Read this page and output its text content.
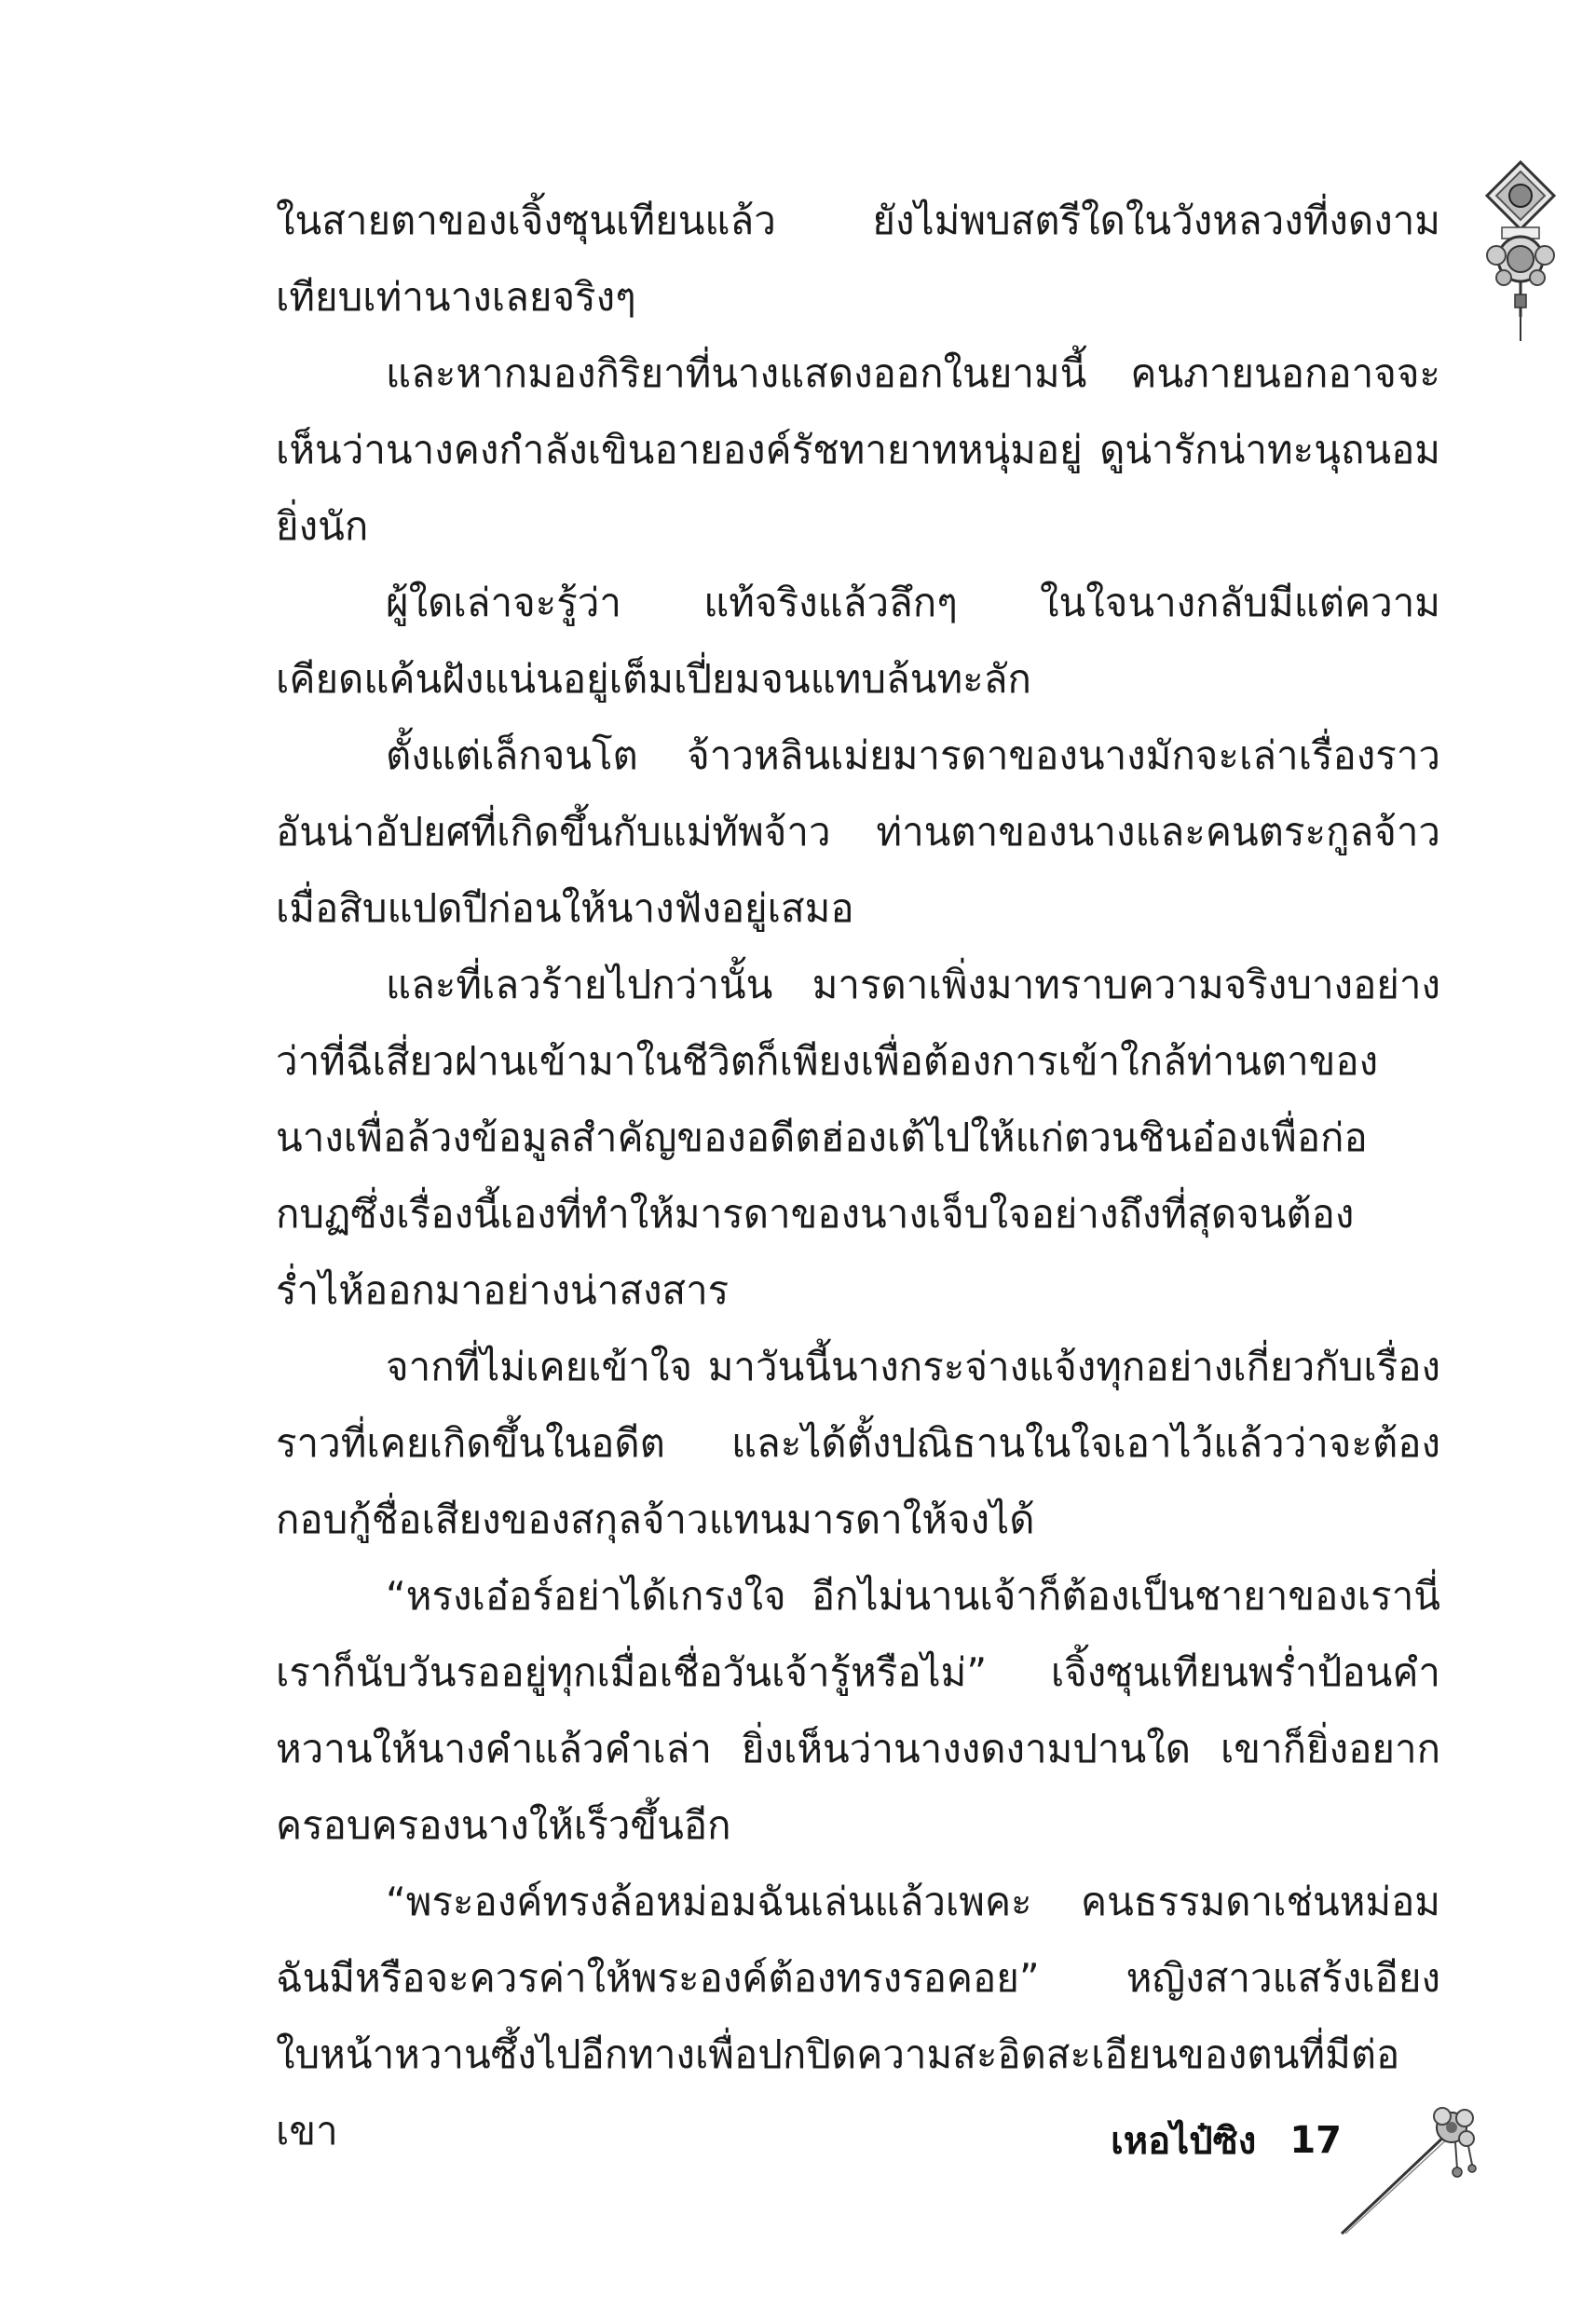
ในสายตาของเจิ้งซุนเทียนแล้ว ยังไม่พบสตรีใดในวังหลวงที่งดงามเทียบเท่านางเลยจริงๆ

และหากมองกิริยาที่นางแสดงออกในยามนี้ คนภายนอกอาจจะเห็นว่านางคงกำลังเขินอายองค์รัชทายาทหนุ่มอยู่ ดูน่ารักน่าทะนุถนอมยิ่งนัก

ผู้ใดเล่าจะรู้ว่า แท้จริงแล้วลึกๆ ในใจนางกลับมีแต่ความเคียดแค้นฝังแน่นอยู่เต็มเปี่ยมจนแทบล้นทะลัก

ตั้งแต่เล็กจนโต จ้าวหลินเม่ยมารดาของนางมักจะเล่าเรื่องราวอันน่าอัปยศที่เกิดขึ้นกับแม่ทัพจ้าว ท่านตาของนางและคนตระกูลจ้าวเมื่อสิบแปดปีก่อนให้นางฟังอยู่เสมอ

และที่เลวร้ายไปกว่านั้น มารดาเพิ่งมาทราบความจริงบางอย่างว่าที่ฉีเสี่ยวฝานเข้ามาในชีวิตก็เพียงเพื่อต้องการเข้าใกล้ท่านตาของนางเพื่อล้วงข้อมูลสำคัญของอดีตฮ่องเต้ไปให้แก่ตวนชินอ๋องเพื่อก่อกบฏซึ่งเรื่องนี้เองที่ทำให้มารดาของนางเจ็บใจอย่างถึงที่สุดจนต้องร่ำไห้ออกมาอย่างน่าสงสาร

จากที่ไม่เคยเข้าใจ มาวันนี้นางกระจ่างแจ้งทุกอย่างเกี่ยวกับเรื่องราวที่เคยเกิดขึ้นในอดีต และได้ตั้งปณิธานในใจเอาไว้แล้วว่าจะต้องกอบกู้ชื่อเสียงของสกุลจ้าวแทนมารดาให้จงได้

“หรงเอ๋อร์อย่าได้เกรงใจ อีกไม่นานเจ้าก็ต้องเป็นชายาของเรานี่เราก็นับวันรออยู่ทุกเมื่อเชื่อวันเจ้ารู้หรือไม่” เจิ้งซุนเทียนพร่ำป้อนคำหวานให้นางคำแล้วคำเล่า ยิ่งเห็นว่านางงดงามปานใด เขาก็ยิ่งอยากครอบครองนางให้เร็วขึ้นอีก

“พระองค์ทรงล้อหม่อมฉันเล่นแล้วเพคะ คนธรรมดาเช่นหม่อมฉันมีหรือจะควรค่าให้พระองค์ต้องทรงรอคอย” หญิงสาวแสร้งเอียงใบหน้าหวานซึ้งไปอีกทางเพื่อปกปิดความสะอิดสะเอียนของตนที่มีต่อเขา	เหอไป๋ซิง 17
